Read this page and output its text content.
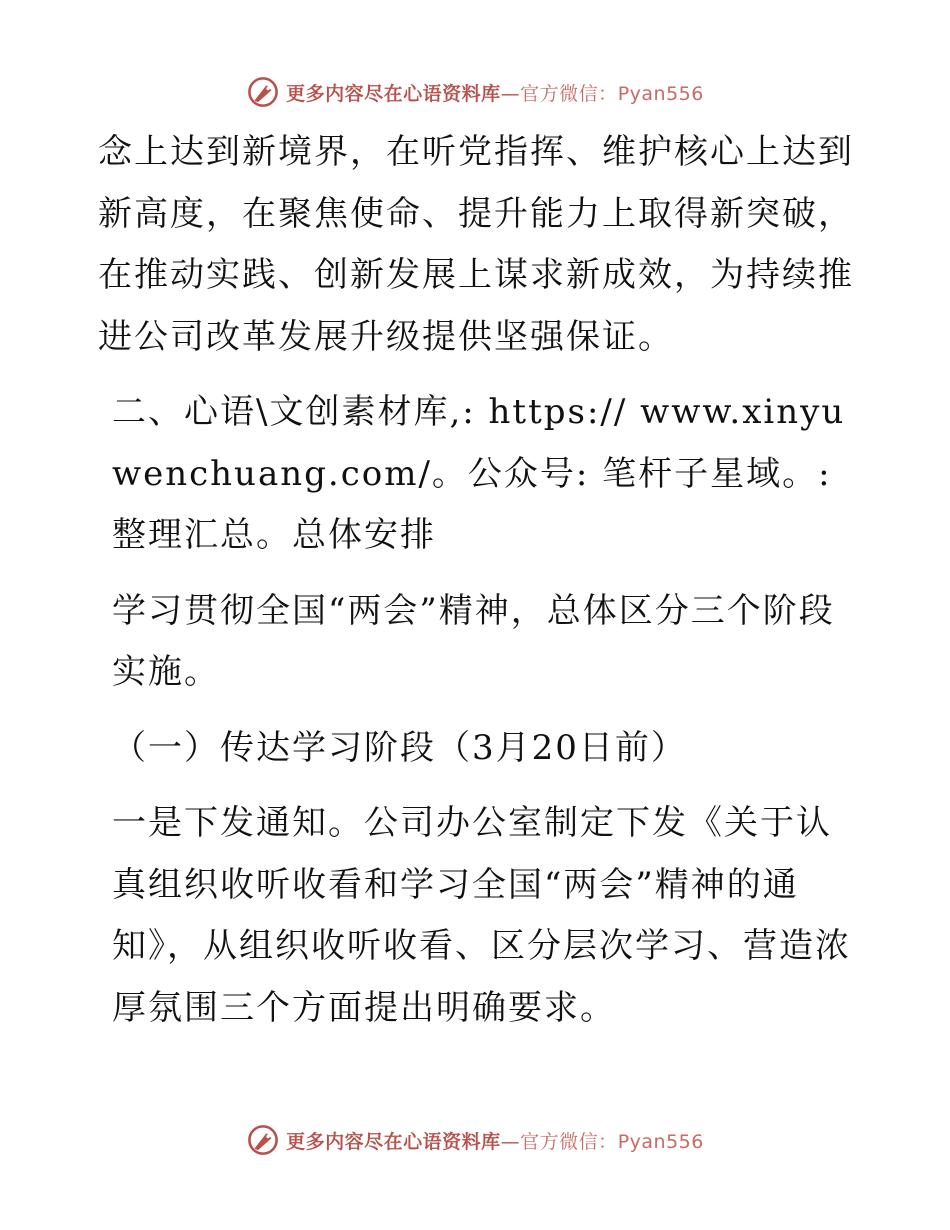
更多内容尽在心语资料库—官方微信：Pyan556

念上达到新境界，在听党指挥、维护核心上达到新高度，在聚焦使命、提升能力上取得新突破，在推动实践、创新发展上谋求新成效，为持续推进公司改革发展升级提供坚强保证。

二、心语\文创素材库,: https:// www.xinyuwenchuang.com/。公众号: 笔杆子星域。:整理汇总。总体安排

学习贯彻全国“两会”精神，总体区分三个阶段实施。

（一）传达学习阶段（3月20日前）

一是下发通知。公司办公室制定下发《关于认真组织收听收看和学习全国“两会”精神的通知》，从组织收听收看、区分层次学习、营造浓厚氛围三个方面提出明确要求。

更多内容尽在心语资料库—官方微信：Pyan556
